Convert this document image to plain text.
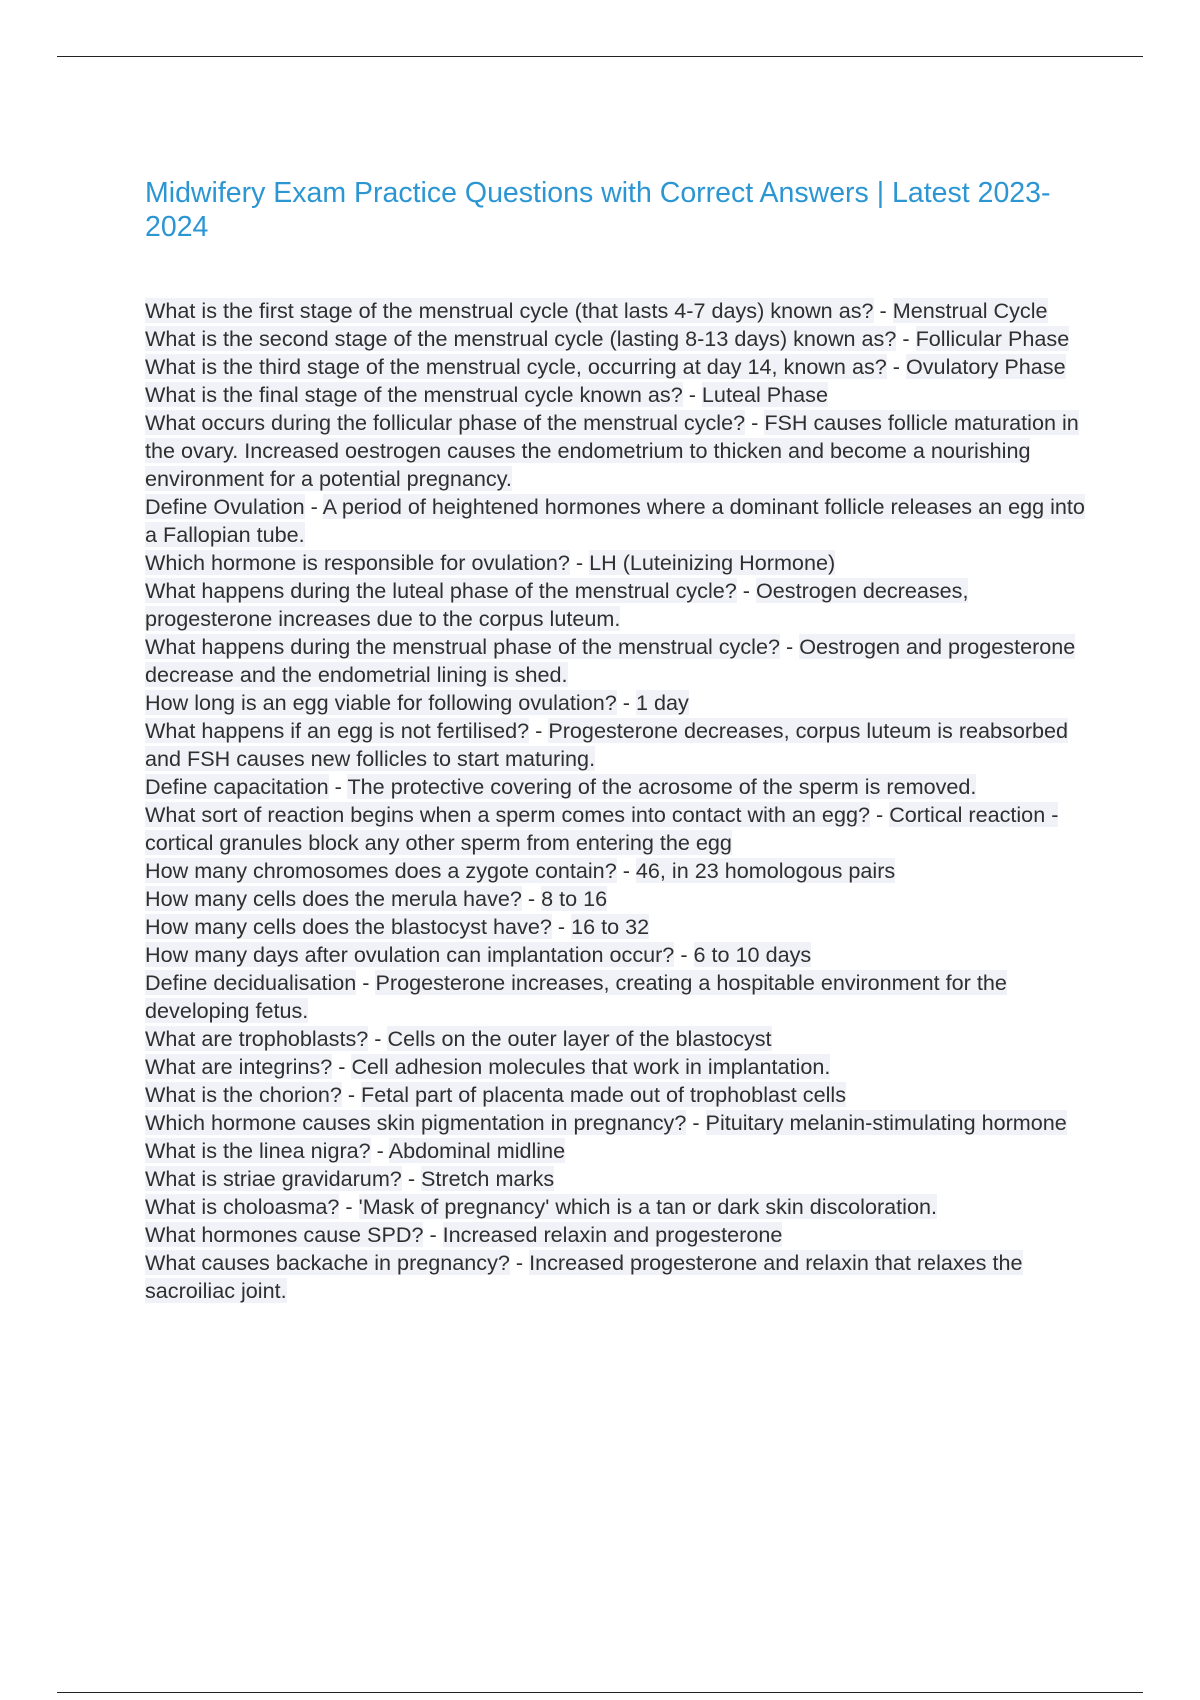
Midwifery Exam Practice Questions with Correct Answers | Latest 2023-2024
What is the first stage of the menstrual cycle (that lasts 4-7 days) known as? - Menstrual Cycle
What is the second stage of the menstrual cycle (lasting 8-13 days) known as? - Follicular Phase
What is the third stage of the menstrual cycle, occurring at day 14, known as? - Ovulatory Phase
What is the final stage of the menstrual cycle known as? - Luteal Phase
What occurs during the follicular phase of the menstrual cycle? - FSH causes follicle maturation in the ovary. Increased oestrogen causes the endometrium to thicken and become a nourishing environment for a potential pregnancy.
Define Ovulation - A period of heightened hormones where a dominant follicle releases an egg into a Fallopian tube.
Which hormone is responsible for ovulation? - LH (Luteinizing Hormone)
What happens during the luteal phase of the menstrual cycle? - Oestrogen decreases, progesterone increases due to the corpus luteum.
What happens during the menstrual phase of the menstrual cycle? - Oestrogen and progesterone decrease and the endometrial lining is shed.
How long is an egg viable for following ovulation? - 1 day
What happens if an egg is not fertilised? - Progesterone decreases, corpus luteum is reabsorbed and FSH causes new follicles to start maturing.
Define capacitation - The protective covering of the acrosome of the sperm is removed.
What sort of reaction begins when a sperm comes into contact with an egg? - Cortical reaction - cortical granules block any other sperm from entering the egg
How many chromosomes does a zygote contain? - 46, in 23 homologous pairs
How many cells does the merula have? - 8 to 16
How many cells does the blastocyst have? - 16 to 32
How many days after ovulation can implantation occur? - 6 to 10 days
Define decidualisation - Progesterone increases, creating a hospitable environment for the developing fetus.
What are trophoblasts? - Cells on the outer layer of the blastocyst
What are integrins? - Cell adhesion molecules that work in implantation.
What is the chorion? - Fetal part of placenta made out of trophoblast cells
Which hormone causes skin pigmentation in pregnancy? - Pituitary melanin-stimulating hormone
What is the linea nigra? - Abdominal midline
What is striae gravidarum? - Stretch marks
What is choloasma? - 'Mask of pregnancy' which is a tan or dark skin discoloration.
What hormones cause SPD? - Increased relaxin and progesterone
What causes backache in pregnancy? - Increased progesterone and relaxin that relaxes the sacroiliac joint.
